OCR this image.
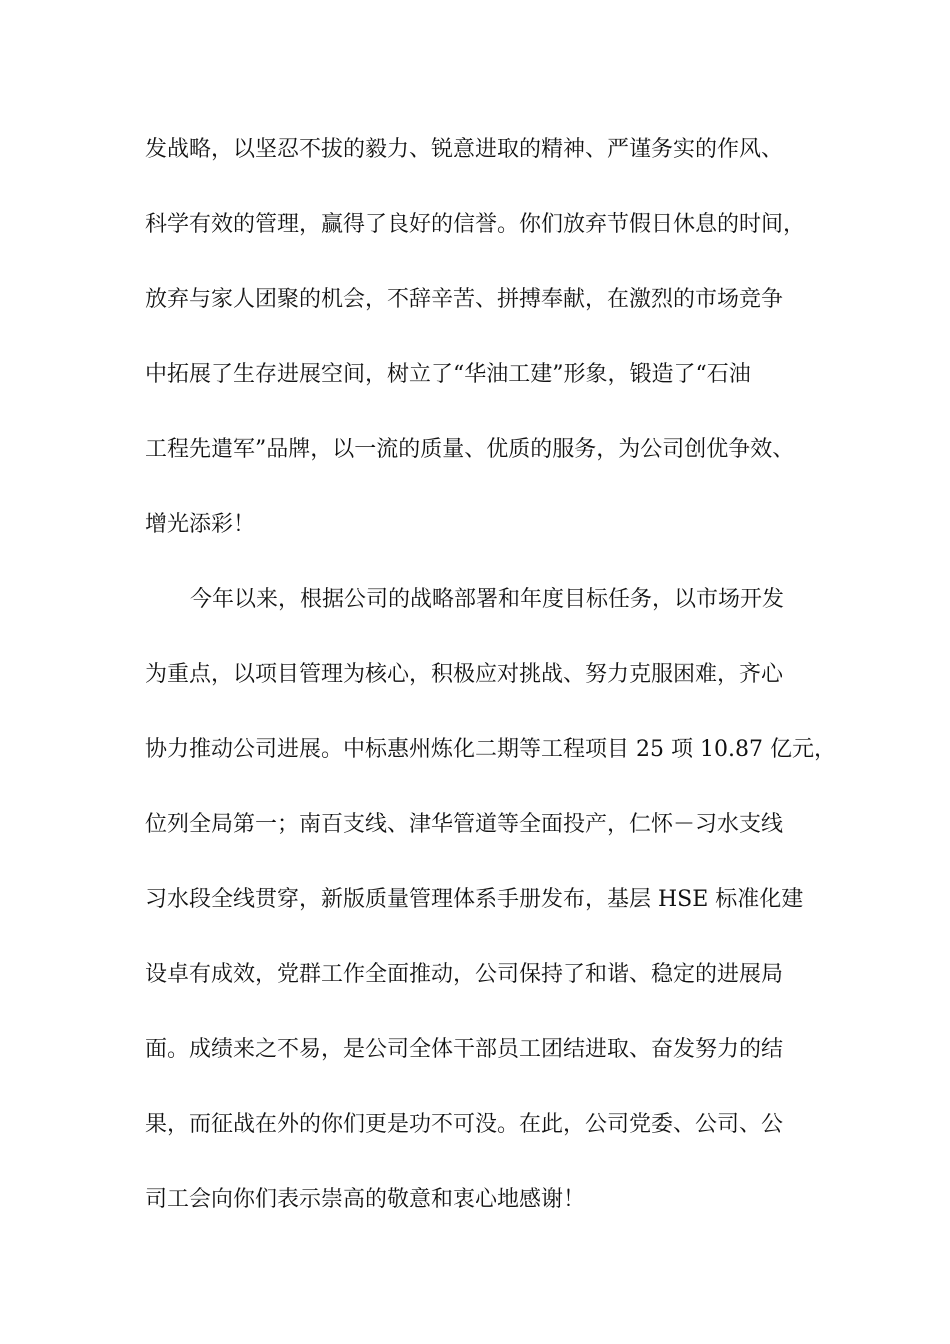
发战略，以坚忍不拔的毅力、锐意进取的精神、严谨务实的作风、
科学有效的管理，赢得了良好的信誉。你们放弃节假日休息的时间，
放弃与家人团聚的机会，不辞辛苦、拼搏奉献，在激烈的市场竞争
中拓展了生存进展空间，树立了“华油工建”形象，锻造了“石油
工程先遣军”品牌，以一流的质量、优质的服务，为公司创优争效、
增光添彩！
今年以来，根据公司的战略部署和年度目标任务，以市场开发
为重点，以项目管理为核心，积极应对挑战、努力克服困难，齐心
协力推动公司进展。中标惠州炼化二期等工程项目 25 项 10.87 亿元，
位列全局第一；南百支线、津华管道等全面投产，仁怀－习水支线
习水段全线贯穿，新版质量管理体系手册发布，基层 HSE 标准化建
设卓有成效，党群工作全面推动，公司保持了和谐、稳定的进展局
面。成绩来之不易，是公司全体干部员工团结进取、奋发努力的结
果，而征战在外的你们更是功不可没。在此，公司党委、公司、公
司工会向你们表示崇高的敬意和衷心地感谢！
